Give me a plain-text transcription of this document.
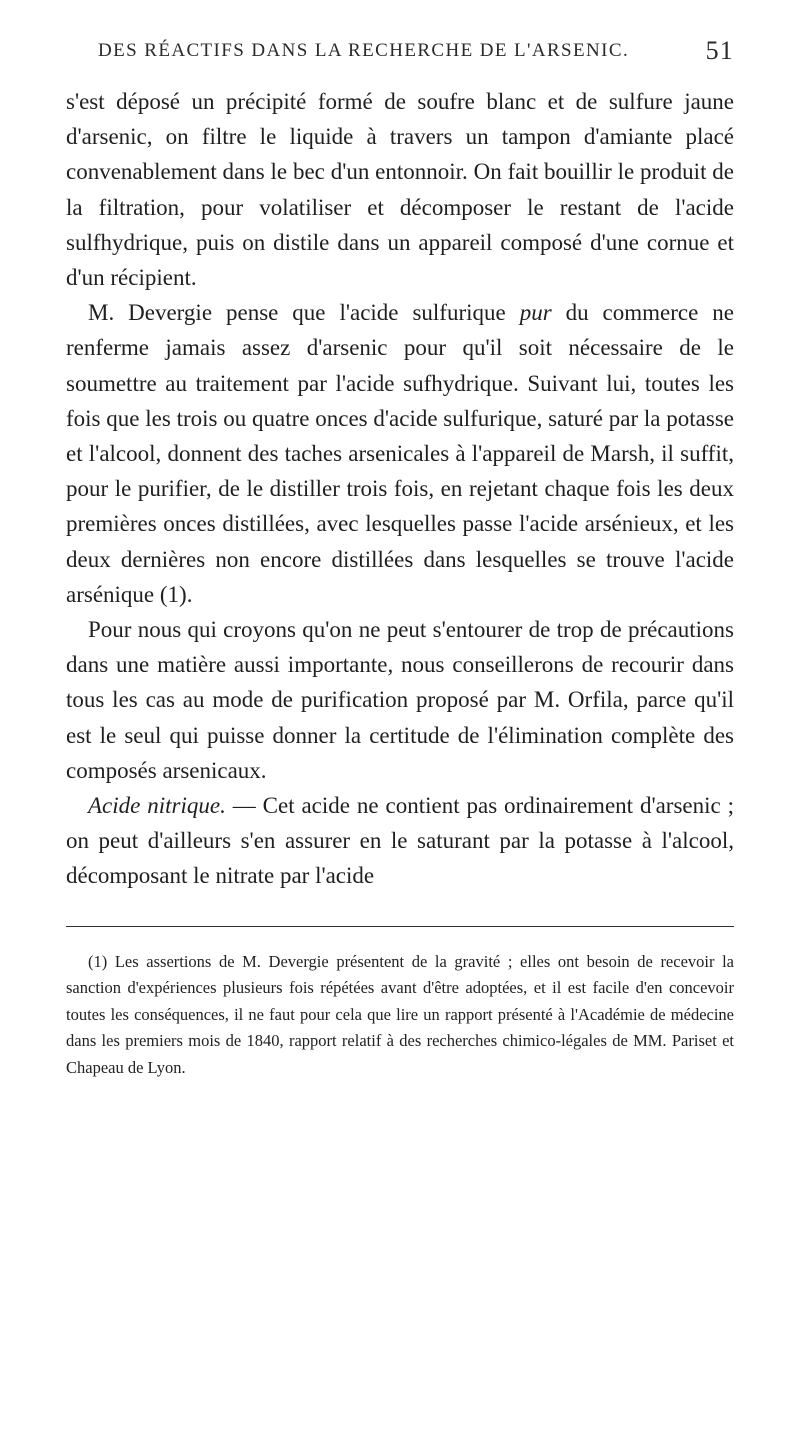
DES RÉACTIFS DANS LA RECHERCHE DE L'ARSENIC.	51

s'est déposé un précipité formé de soufre blanc et de sulfure jaune d'arsenic, on filtre le liquide à travers un tampon d'amiante placé convenablement dans le bec d'un entonnoir. On fait bouillir le produit de la filtration, pour volatiliser et décomposer le restant de l'acide sulfhydrique, puis on distile dans un appareil composé d'une cornue et d'un récipient.

M. Devergie pense que l'acide sulfurique pur du commerce ne renferme jamais assez d'arsenic pour qu'il soit nécessaire de le soumettre au traitement par l'acide sufhydrique. Suivant lui, toutes les fois que les trois ou quatre onces d'acide sulfurique, saturé par la potasse et l'alcool, donnent des taches arsenicales à l'appareil de Marsh, il suffit, pour le purifier, de le distiller trois fois, en rejetant chaque fois les deux premières onces distillées, avec lesquelles passe l'acide arsénieux, et les deux dernières non encore distillées dans lesquelles se trouve l'acide arsénique (1).

Pour nous qui croyons qu'on ne peut s'entourer de trop de précautions dans une matière aussi importante, nous conseillerons de recourir dans tous les cas au mode de purification proposé par M. Orfila, parce qu'il est le seul qui puisse donner la certitude de l'élimination complète des composés arsenicaux.

Acide nitrique. — Cet acide ne contient pas ordinairement d'arsenic ; on peut d'ailleurs s'en assurer en le saturant par la potasse à l'alcool, décomposant le nitrate par l'acide

(1) Les assertions de M. Devergie présentent de la gravité ; elles ont besoin de recevoir la sanction d'expériences plusieurs fois répétées avant d'être adoptées, et il est facile d'en concevoir toutes les conséquences, il ne faut pour cela que lire un rapport présenté à l'Académie de médecine dans les premiers mois de 1840, rapport relatif à des recherches chimico-légales de MM. Pariset et Chapeau de Lyon.
